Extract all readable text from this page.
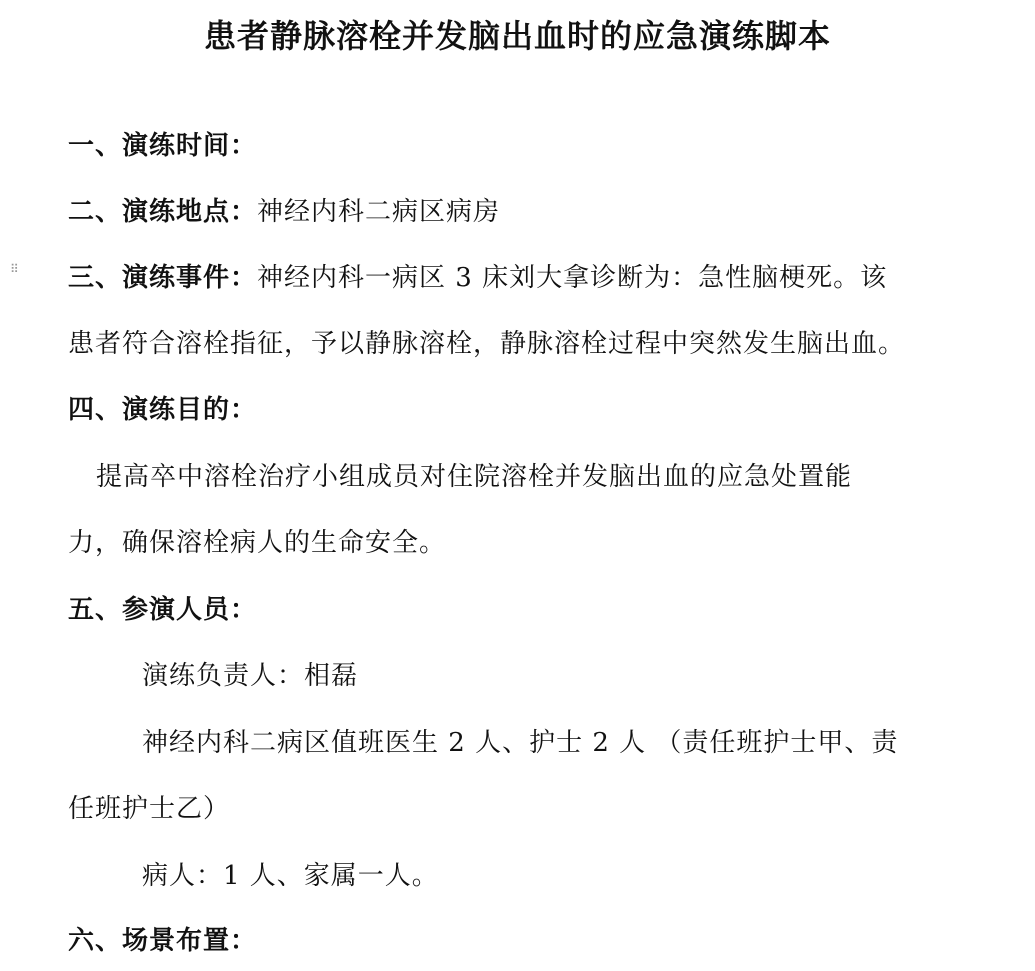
患者静脉溶栓并发脑出血时的应急演练脚本
一、演练时间：
二、演练地点：神经内科二病区病房
⠿ 三、演练事件：神经内科一病区 3 床刘大拿诊断为：急性脑梗死。该
患者符合溶栓指征，予以静脉溶栓，静脉溶栓过程中突然发生脑出血。
四、演练目的：
提高卒中溶栓治疗小组成员对住院溶栓并发脑出血的应急处置能
力，确保溶栓病人的生命安全。
五、参演人员：
演练负责人：相磊
神经内科二病区值班医生 2 人、护士 2 人 （责任班护士甲、责
任班护士乙）
病人：1 人、家属一人。
六、场景布置：
